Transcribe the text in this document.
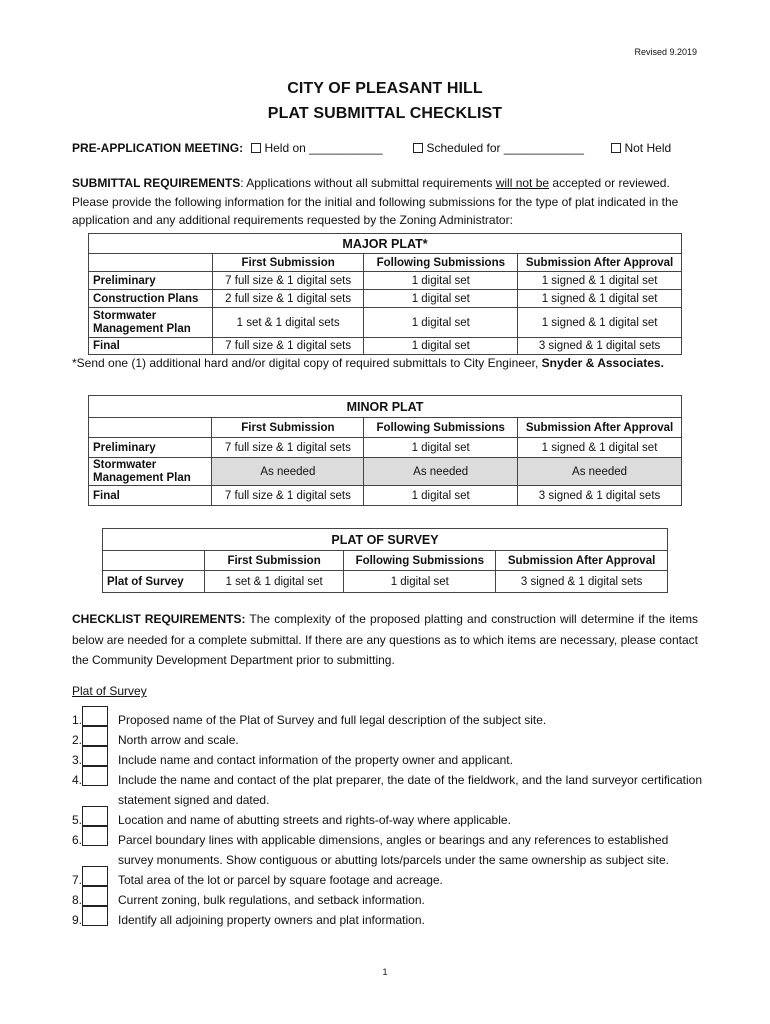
Revised 9.2019
CITY OF PLEASANT HILL
PLAT SUBMITTAL CHECKLIST
PRE-APPLICATION MEETING: Held on ___________	Scheduled for ____________	Not Held
SUBMITTAL REQUIREMENTS: Applications without all submittal requirements will not be accepted or reviewed. Please provide the following information for the initial and following submissions for the type of plat indicated in the application and any additional requirements requested by the Zoning Administrator:
MAJOR PLAT*			
	First Submission	Following Submissions	Submission After Approval
Preliminary	7 full size & 1 digital sets	1 digital set	1 signed & 1 digital set
Construction Plans	2 full size & 1 digital sets	1 digital set	1 signed & 1 digital set
Stormwater Management Plan	1 set & 1 digital sets	1 digital set	1 signed & 1 digital set
Final	7 full size & 1 digital sets	1 digital set	3 signed & 1 digital sets
*Send one (1) additional hard and/or digital copy of required submittals to City Engineer, Snyder & Associates.
MINOR PLAT			
	First Submission	Following Submissions	Submission After Approval
Preliminary	7 full size & 1 digital sets	1 digital set	1 signed & 1 digital set
Stormwater Management Plan	As needed	As needed	As needed
Final	7 full size & 1 digital sets	1 digital set	3 signed & 1 digital sets
PLAT OF SURVEY			
	First Submission	Following Submissions	Submission After Approval
Plat of Survey	1 set & 1 digital set	1 digital set	3 signed & 1 digital sets
CHECKLIST REQUIREMENTS: The complexity of the proposed platting and construction will determine if the items below are needed for a complete submittal. If there are any questions as to which items are necessary, please contact the Community Development Department prior to submitting.
Plat of Survey
1.	Proposed name of the Plat of Survey and full legal description of the subject site.
2.	North arrow and scale.
3.	Include name and contact information of the property owner and applicant.
4.	Include the name and contact of the plat preparer, the date of the fieldwork, and the land surveyor certification statement signed and dated.
5.	Location and name of abutting streets and rights-of-way where applicable.
6.	Parcel boundary lines with applicable dimensions, angles or bearings and any references to established survey monuments. Show contiguous or abutting lots/parcels under the same ownership as subject site.
7.	Total area of the lot or parcel by square footage and acreage.
8.	Current zoning, bulk regulations, and setback information.
9.	Identify all adjoining property owners and plat information.
1
